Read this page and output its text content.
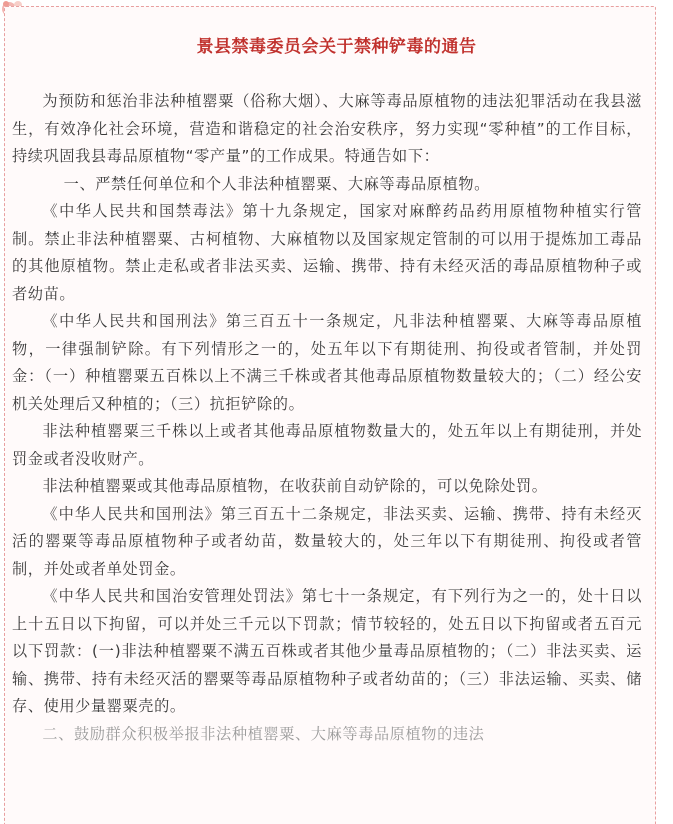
景县禁毒委员会关于禁种铲毒的通告

为预防和惩治非法种植罂粟（俗称大烟）、大麻等毒品原植物的违法犯罪活动在我县滋生，有效净化社会环境，营造和谐稳定的社会治安秩序，努力实现“零种植”的工作目标，持续巩固我县毒品原植物“零产量”的工作成果。特通告如下：

一、严禁任何单位和个人非法种植罂粟、大麻等毒品原植物。

《中华人民共和国禁毒法》第十九条规定，国家对麻醉药品药用原植物种植实行管制。禁止非法种植罂粟、古柯植物、大麻植物以及国家规定管制的可以用于提炼加工毒品的其他原植物。禁止走私或者非法买卖、运输、携带、持有未经灭活的毒品原植物种子或者幼苗。

《中华人民共和国刑法》第三百五十一条规定，凡非法种植罂粟、大麻等毒品原植物，一律强制铲除。有下列情形之一的，处五年以下有期徒刑、拘役或者管制，并处罚金：（一）种植罂粟五百株以上不满三千株或者其他毒品原植物数量较大的；（二）经公安机关处理后又种植的；（三）抗拒铲除的。

非法种植罂粟三千株以上或者其他毒品原植物数量大的，处五年以上有期徒刑，并处罚金或者没收财产。

非法种植罂粟或其他毒品原植物，在收获前自动铲除的，可以免除处罚。

《中华人民共和国刑法》第三百五十二条规定，非法买卖、运输、携带、持有未经灭活的罂粟等毒品原植物种子或者幼苗，数量较大的，处三年以下有期徒刑、拘役或者管制，并处或者单处罚金。

《中华人民共和国治安管理处罚法》第七十一条规定，有下列行为之一的，处十日以上十五日以下拘留，可以并处三千元以下罚款；情节较轻的，处五日以下拘留或者五百元以下罚款：(一)非法种植罂粟不满五百株或者其他少量毒品原植物的；（二）非法买卖、运输、携带、持有未经灭活的罂粟等毒品原植物种子或者幼苗的；（三）非法运输、买卖、储存、使用少量罂粟壳的。

二、鼓励群众积极举报非法种植罂粟、大麻等毒品原植物的违法
